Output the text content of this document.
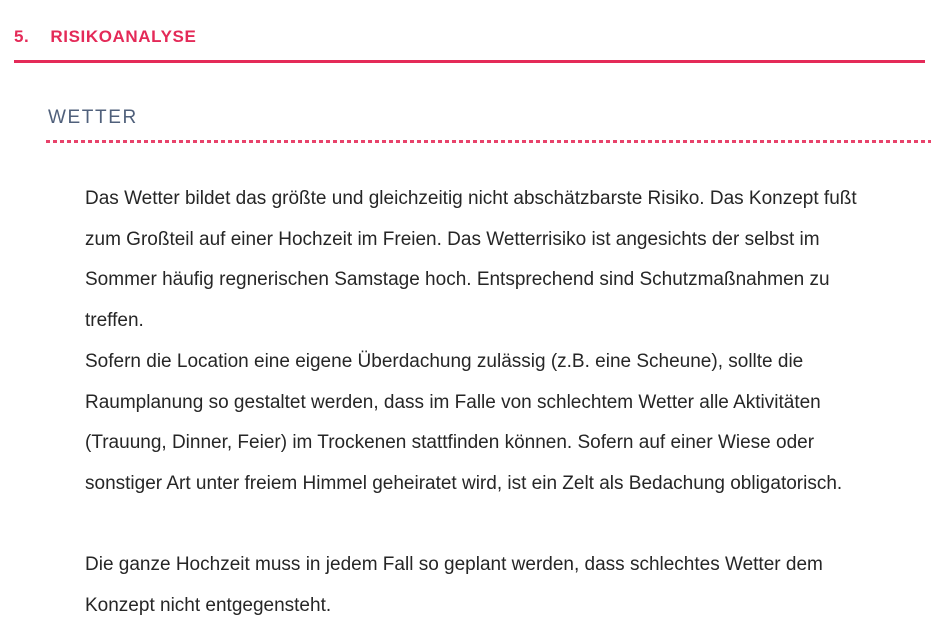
5. RISIKOANALYSE
WETTER
Das Wetter bildet das größte und gleichzeitig nicht abschätzbarste Risiko. Das Konzept fußt
zum Großteil auf einer Hochzeit im Freien. Das Wetterrisiko ist angesichts der selbst im
Sommer häufig regnerischen Samstage hoch. Entsprechend sind Schutzmaßnahmen zu
treffen.
Sofern die Location eine eigene Überdachung zulässig (z.B. eine Scheune), sollte die
Raumplanung so gestaltet werden, dass im Falle von schlechtem Wetter alle Aktivitäten
(Trauung, Dinner, Feier) im Trockenen stattfinden können. Sofern auf einer Wiese oder
sonstiger Art unter freiem Himmel geheiratet wird, ist ein Zelt als Bedachung obligatorisch.
Die ganze Hochzeit muss in jedem Fall so geplant werden, dass schlechtes Wetter dem
Konzept nicht entgegensteht.
